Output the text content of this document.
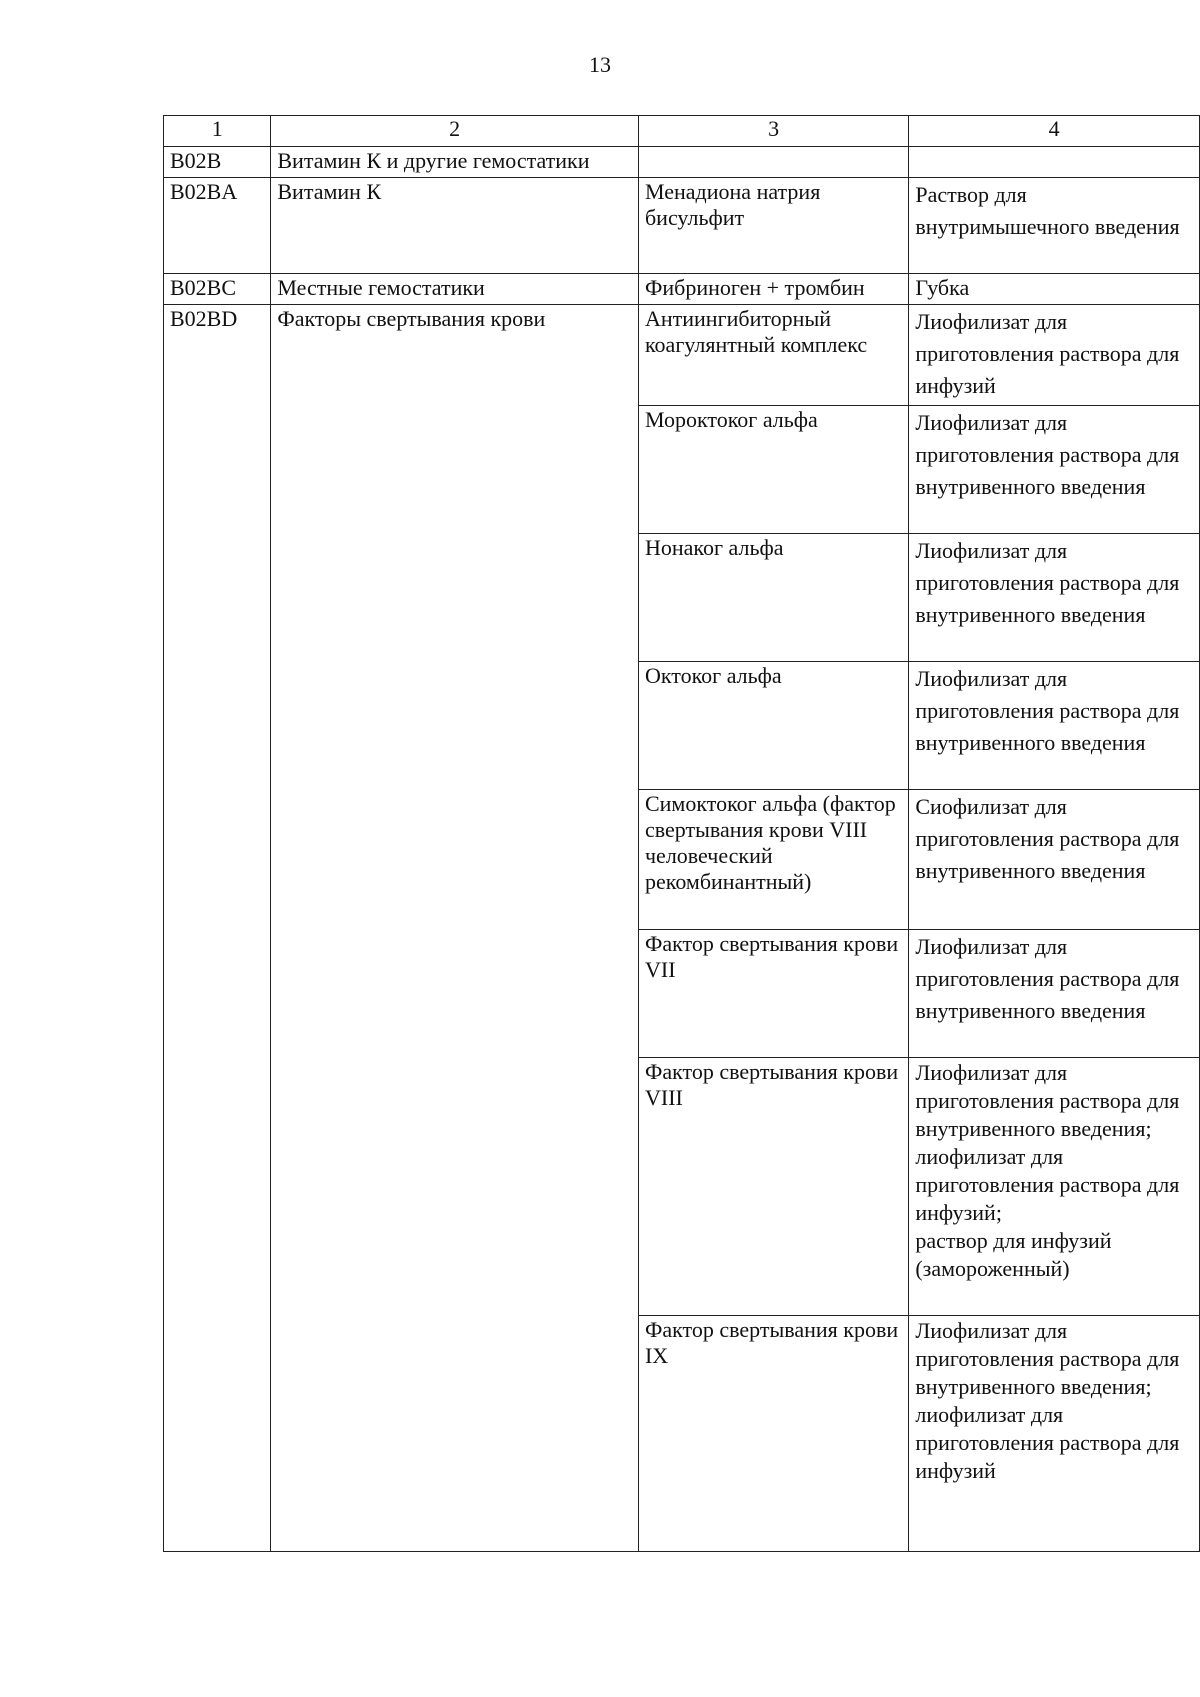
13
1	2	3	4
B02B	Витамин К и другие гемостатики		
B02BA	Витамин К	Менадиона натрия бисульфит	Раствор для внутримышечного введения
B02BC	Местные гемостатики	Фибриноген + тромбин	Губка
B02BD	Факторы свертывания крови	Антиингибиторный коагулянтный комплекс	Лиофилизат для приготовления раствора для инфузий
		Мороктоког альфа	Лиофилизат для приготовления раствора для внутривенного введения
		Нонаког альфа	Лиофилизат для приготовления раствора для внутривенного введения
		Октоког альфа	Лиофилизат для приготовления раствора для внутривенного введения
		Симоктоког альфа (фактор свертывания крови VIII человеческий рекомбинантный)	Сиофилизат для приготовления раствора для внутривенного введения
		Фактор свертывания крови VII	Лиофилизат для приготовления раствора для внутривенного введения
		Фактор свертывания крови VIII	Лиофилизат для приготовления раствора для внутривенного введения;
лиофилизат для приготовления раствора для инфузий;
раствор для инфузий (замороженный)
		Фактор свертывания крови IX	Лиофилизат для приготовления раствора для внутривенного введения;
лиофилизат для приготовления раствора для инфузий
